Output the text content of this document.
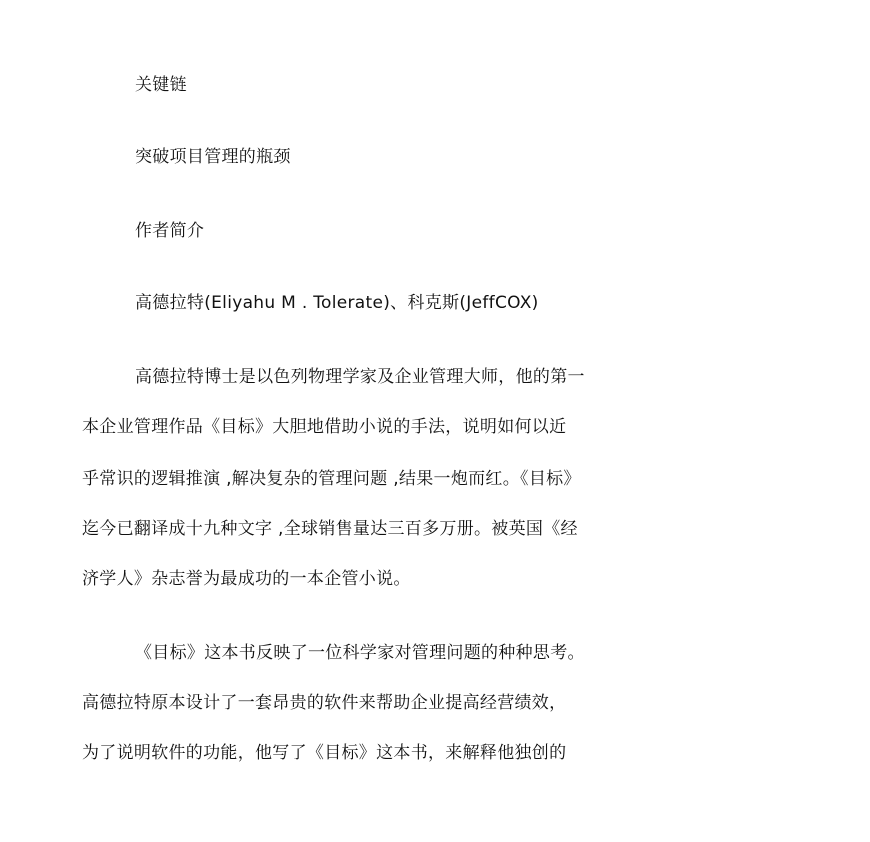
关键链

突破项目管理的瓶颈

作者简介

高德拉特(Eliyahu M . Tolerate)、科克斯(JeffCOX)

高德拉特博士是以色列物理学家及企业管理大师，他的第一

本企业管理作品《目标》大胆地借助小说的手法，说明如何以近

乎常识的逻辑推演 ,解决复杂的管理问题 ,结果一炮而红。《目标》

迄今已翻译成十九种文字 ,全球销售量达三百多万册。被英国《经

济学人》杂志誉为最成功的一本企管小说。

《目标》这本书反映了一位科学家对管理问题的种种思考。

高德拉特原本设计了一套昂贵的软件来帮助企业提高经营绩效，

为了说明软件的功能，他写了《目标》这本书，来解释他独创的
